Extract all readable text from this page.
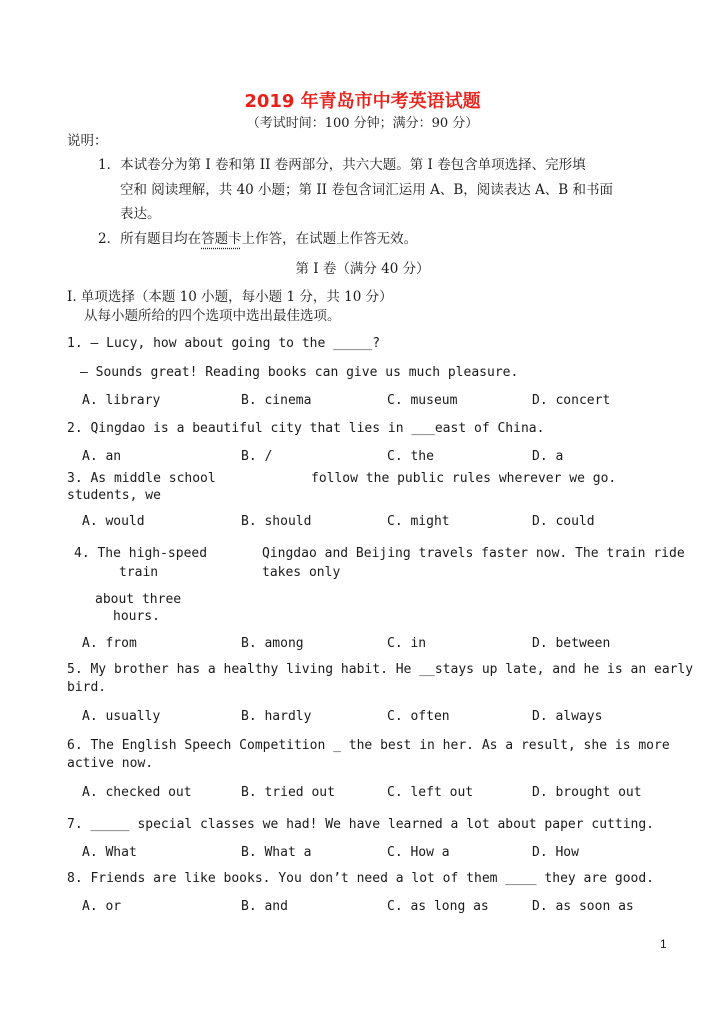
2019 年青岛市中考英语试题
（考试时间：100 分钟；满分：90 分）
说明：
1．本试卷分为第 I 卷和第 II 卷两部分，共六大题。第 I 卷包含单项选择、完形填
空和 阅读理解，共 40 小题；第 II 卷包含词汇运用 A、B，阅读表达 A、B 和书面
表达。
2．所有题目均在答题卡上作答，在试题上作答无效。
第 I 卷（满分 40 分）
I. 单项选择（本题 10 小题，每小题 1 分，共 10 分）
从每小题所给的四个选项中选出最佳选项。
1. — Lucy, how about going to the _____?
— Sounds great! Reading books can give us much pleasure.
A. library	B. cinema	C. museum	D. concert
2. Qingdao is a beautiful city that lies in ___east of China.
A. an	B. /	C. the	D. a
3. As middle school
students, we
follow the public rules wherever we go.
A. would	B. should	C. might	D. could
4. The high-speed
train
Qingdao and Beijing travels faster now. The train ride
takes only
about three
hours.
A. from	B. among	C. in	D. between
5. My brother has a healthy living habit. He __stays up late, and he is an early
bird.
A. usually	B. hardly	C. often	D. always
6. The English Speech Competition _ the best in her. As a result, she is more
active now.
A. checked out	B. tried out	C. left out	D. brought out
7. _____ special classes we had! We have learned a lot about paper cutting.
A. What	B. What a	C. How a	D. How
8. Friends are like books. You don’t need a lot of them ____ they are good.
A. or	B. and	C. as long as	D. as soon as
1
